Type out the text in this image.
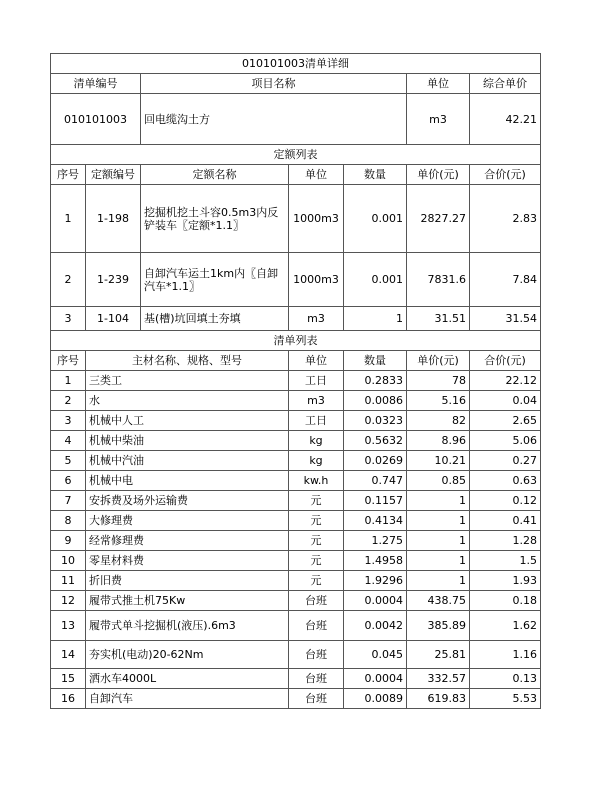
010101003清单详细						
清单编号		项目名称			单位	综合单价
010101003		回电缆沟土方			m3	42.21
定额列表						
序号	定额编号	定额名称	单位	数量	单价(元)	合价(元)
1	1-198	挖掘机挖土斗容0.5m3内反铲装车〖定额*1.1〗	1000m3	0.001	2827.27	2.83
2	1-239	自卸汽车运土1km内〖自卸汽车*1.1〗	1000m3	0.001	7831.6	7.84
3	1-104	基(槽)坑回填土夯填	m3	1	31.51	31.54
清单列表						
序号	主材名称、规格、型号		单位	数量	单价(元)	合价(元)
1	三类工		工日	0.2833	78	22.12
2	水		m3	0.0086	5.16	0.04
3	机械中人工		工日	0.0323	82	2.65
4	机械中柴油		kg	0.5632	8.96	5.06
5	机械中汽油		kg	0.0269	10.21	0.27
6	机械中电		kw.h	0.747	0.85	0.63
7	安拆费及场外运输费		元	0.1157	1	0.12
8	大修理费		元	0.4134	1	0.41
9	经常修理费		元	1.275	1	1.28
10	零星材料费		元	1.4958	1	1.5
11	折旧费		元	1.9296	1	1.93
12	履带式推土机75Kw		台班	0.0004	438.75	0.18
13	履带式单斗挖掘机(液压).6m3		台班	0.0042	385.89	1.62
14	夯实机(电动)20-62Nm		台班	0.045	25.81	1.16
15	洒水车4000L		台班	0.0004	332.57	0.13
16	自卸汽车		台班	0.0089	619.83	5.53
